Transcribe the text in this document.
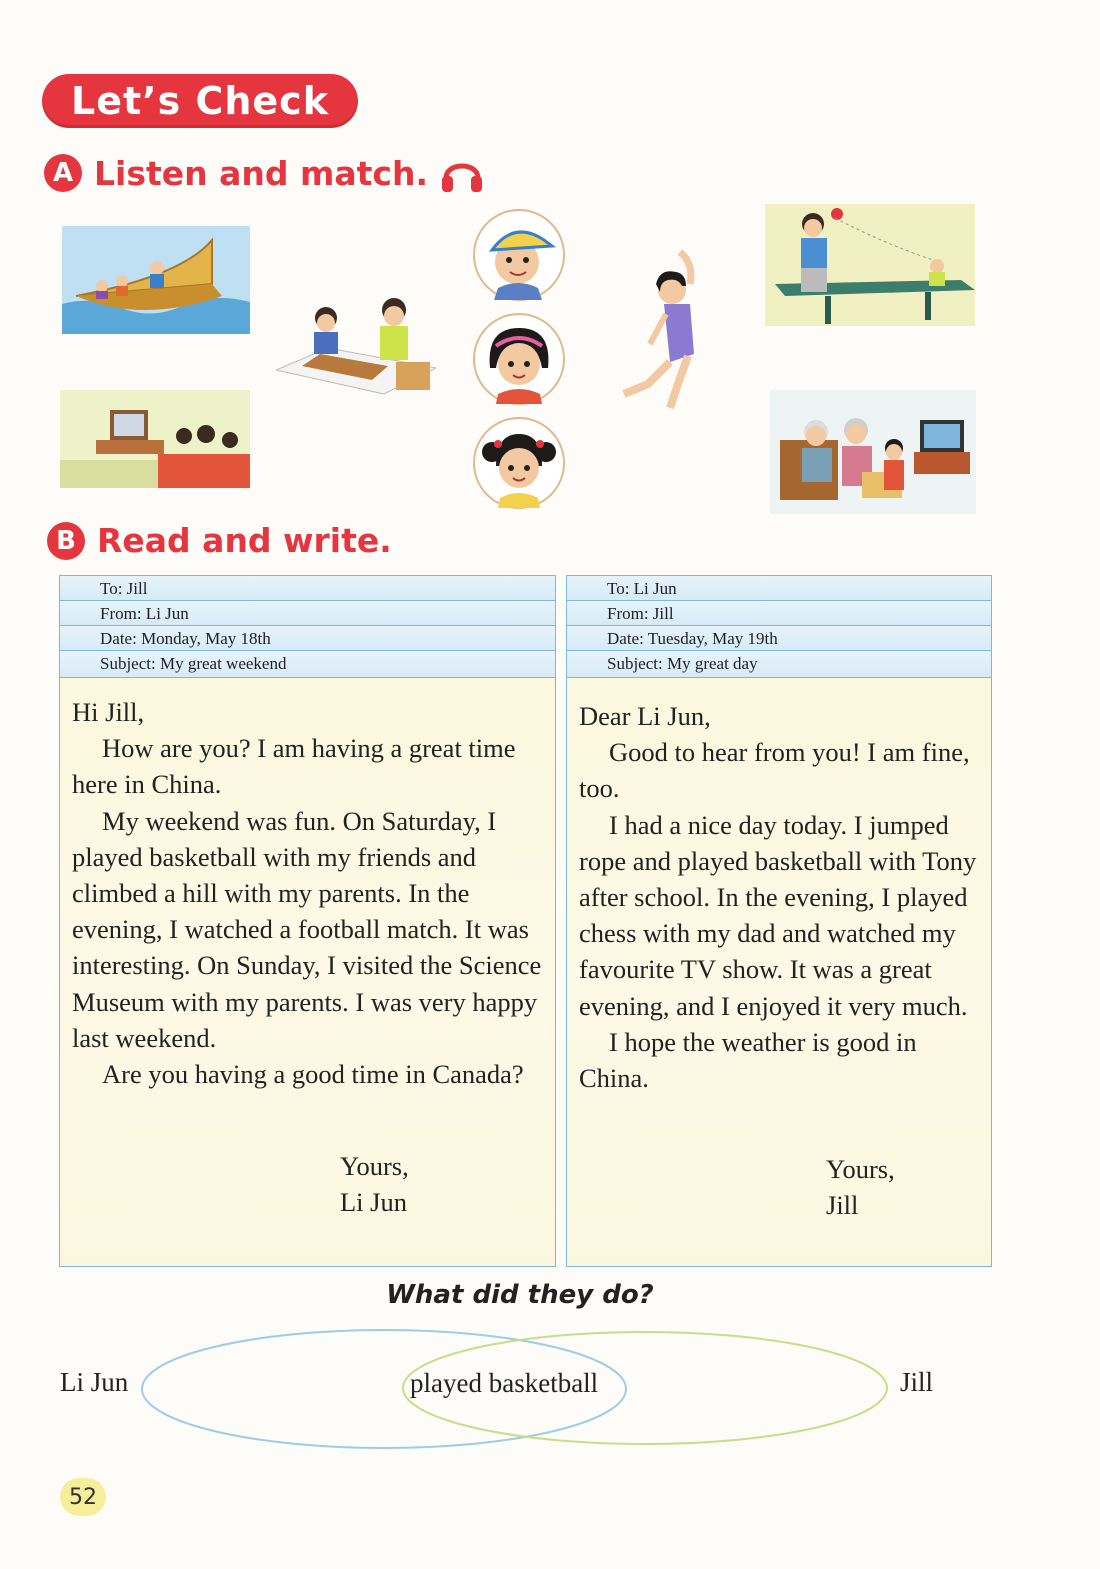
Let’s Check
A Listen and match.
B Read and write.
To: Jill
From: Li Jun
Date: Monday, May 18th
Subject: My great weekend

Hi Jill,

How are you? I am having a great time here in China.

My weekend was fun. On Saturday, I played basketball with my friends and climbed a hill with my parents. In the evening, I watched a football match. It was interesting. On Sunday, I visited the Science Museum with my parents. I was very happy last weekend.

Are you having a good time in Canada?

Yours,
Li Jun
To: Li Jun
From: Jill
Date: Tuesday, May 19th
Subject: My great day

Dear Li Jun,

Good to hear from you! I am fine, too.

I had a nice day today. I jumped rope and played basketball with Tony after school. In the evening, I played chess with my dad and watched my favourite TV show. It was a great evening, and I enjoyed it very much.

I hope the weather is good in China.

Yours,
Jill
What did they do?
Li Jun	played basketball	Jill
52
